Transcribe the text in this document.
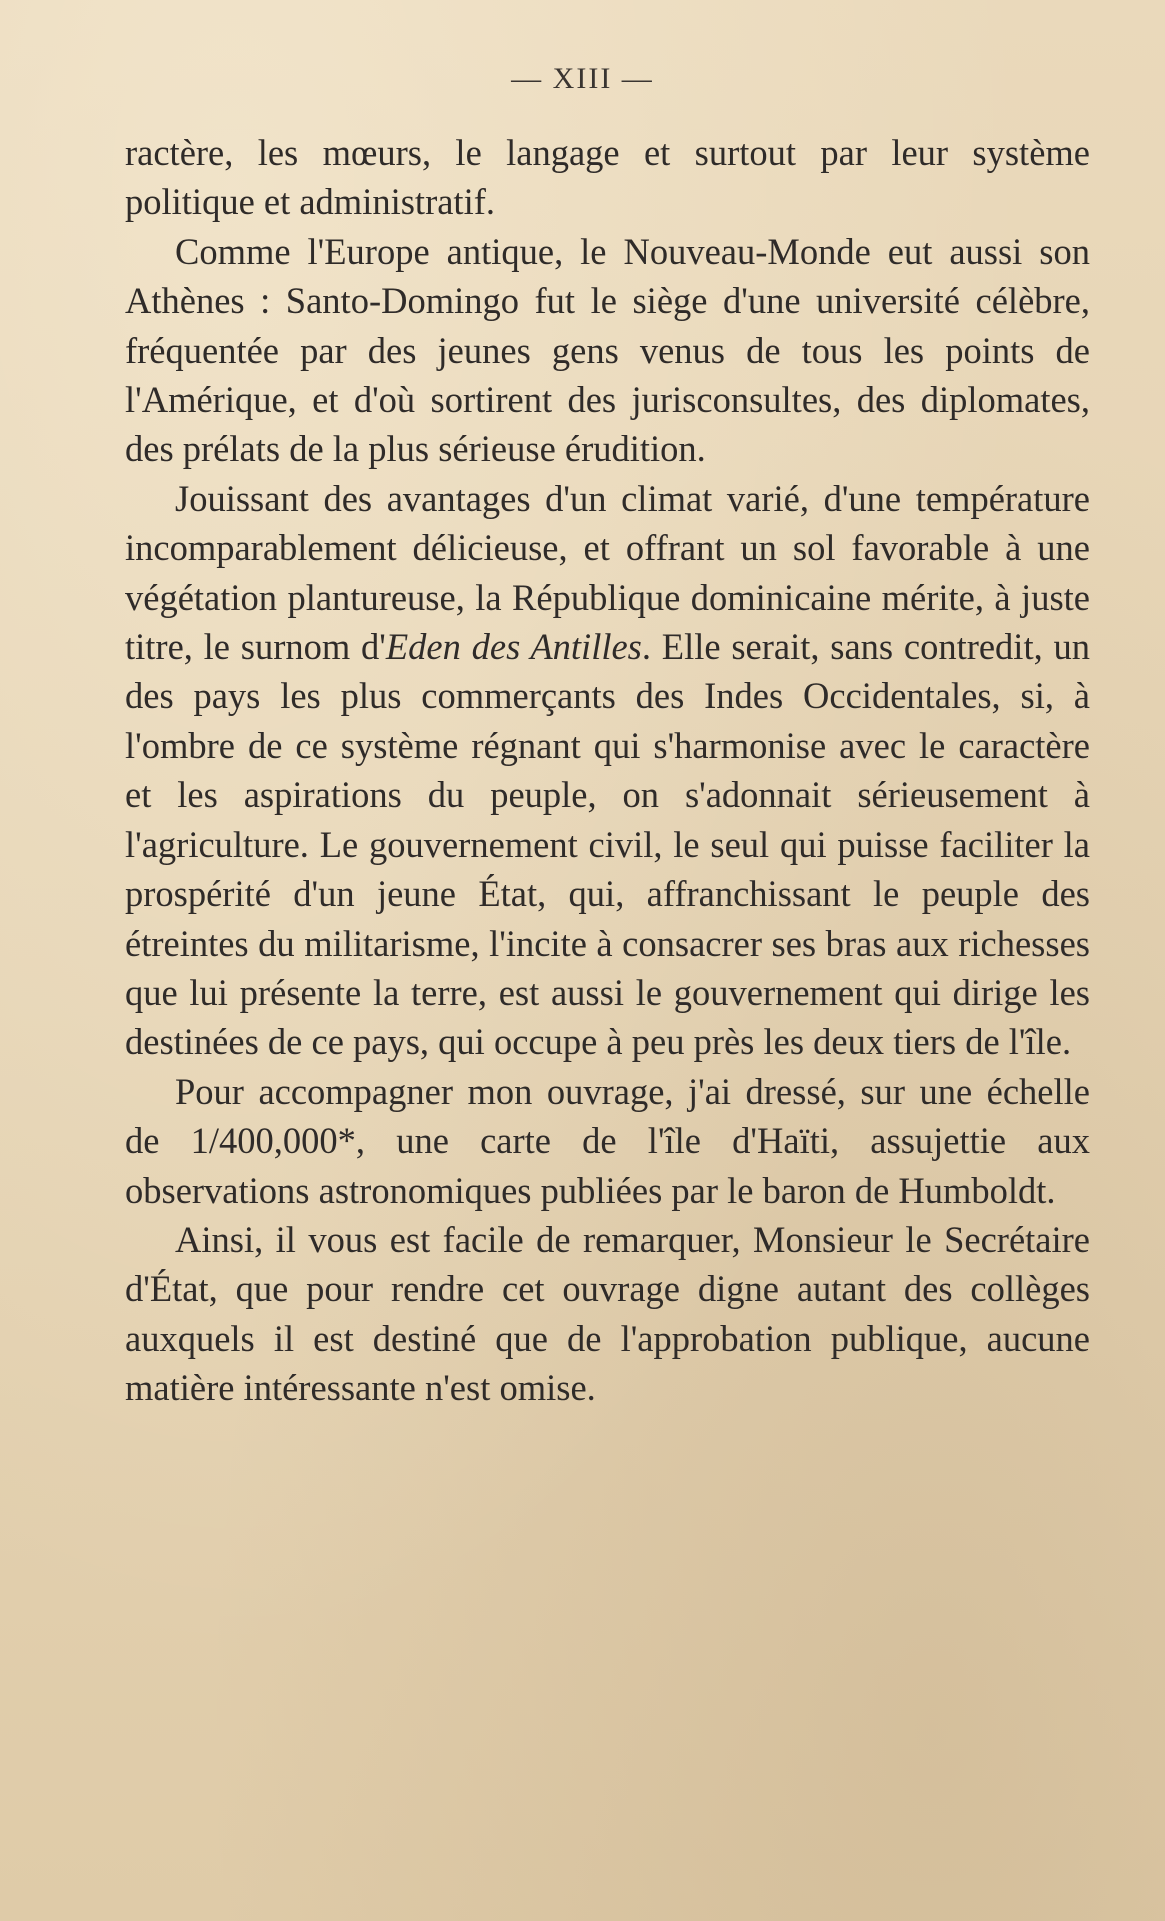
— XIII —

ractère, les mœurs, le langage et surtout par leur système politique et administratif.

Comme l'Europe antique, le Nouveau-Monde eut aussi son Athènes : Santo-Domingo fut le siège d'une université célèbre, fréquentée par des jeunes gens venus de tous les points de l'Amérique, et d'où sortirent des jurisconsultes, des diplomates, des prélats de la plus sérieuse érudition.

Jouissant des avantages d'un climat varié, d'une température incomparablement délicieuse, et offrant un sol favorable à une végétation plantureuse, la République dominicaine mérite, à juste titre, le surnom d'Eden des Antilles. Elle serait, sans contredit, un des pays les plus commerçants des Indes Occidentales, si, à l'ombre de ce système régnant qui s'harmonise avec le caractère et les aspirations du peuple, on s'adonnait sérieusement à l'agriculture. Le gouvernement civil, le seul qui puisse faciliter la prospérité d'un jeune État, qui, affranchissant le peuple des étreintes du militarisme, l'incite à consacrer ses bras aux richesses que lui présente la terre, est aussi le gouvernement qui dirige les destinées de ce pays, qui occupe à peu près les deux tiers de l'île.

Pour accompagner mon ouvrage, j'ai dressé, sur une échelle de 1/400,000*, une carte de l'île d'Haïti, assujettie aux observations astronomiques publiées par le baron de Humboldt.

Ainsi, il vous est facile de remarquer, Monsieur le Secrétaire d'État, que pour rendre cet ouvrage digne autant des collèges auxquels il est destiné que de l'approbation publique, aucune matière intéressante n'est omise.
